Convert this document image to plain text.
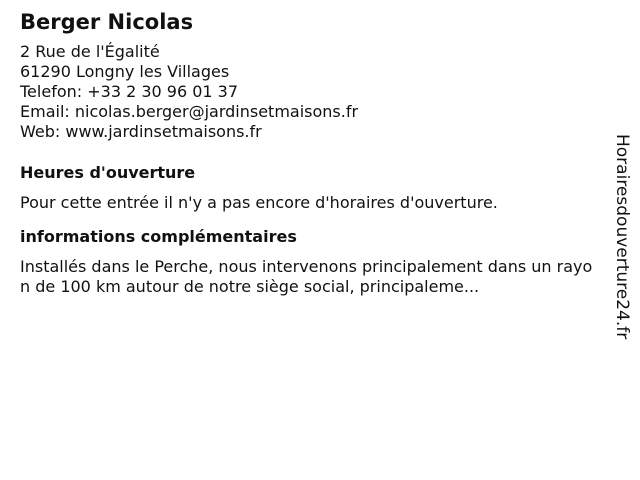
Berger Nicolas
2 Rue de l'Égalité
61290 Longny les Villages
Telefon: +33 2 30 96 01 37
Email: nicolas.berger@jardinsetmaisons.fr
Web: www.jardinsetmaisons.fr
Heures d'ouverture

Pour cette entrée il n'y a pas encore d'horaires d'ouverture.

informations complémentaires

Installés dans le Perche, nous intervenons principalement dans un rayon de 100 km autour de notre siège social, principaleme...	Horairesdouverture24.fr
